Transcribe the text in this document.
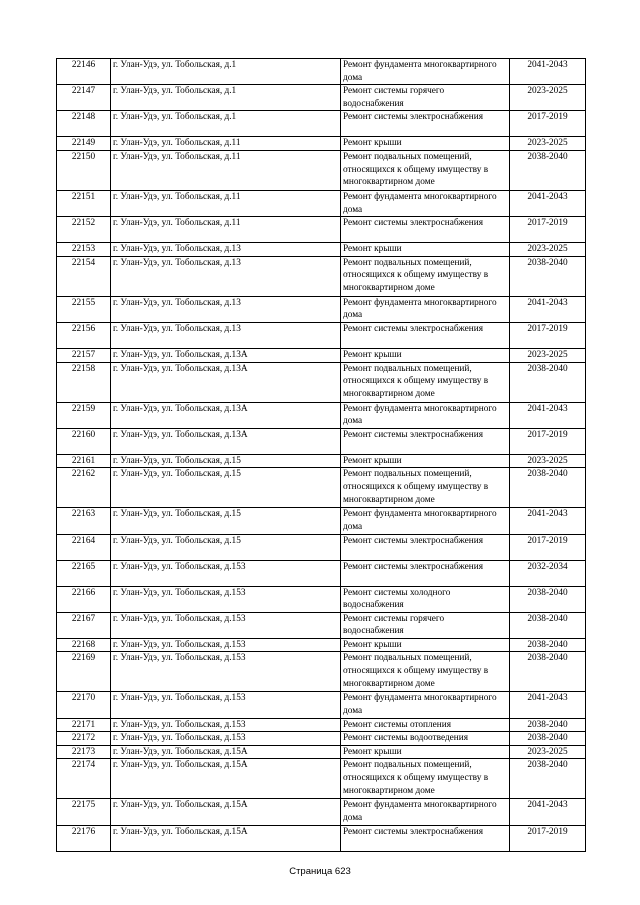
22146	г. Улан-Удэ, ул. Тобольская, д.1	Ремонт фундамента многоквартирного дома	2041-2043
22147	г. Улан-Удэ, ул. Тобольская, д.1	Ремонт системы горячего водоснабжения	2023-2025
22148	г. Улан-Удэ, ул. Тобольская, д.1	Ремонт системы электроснабжения	2017-2019
22149	г. Улан-Удэ, ул. Тобольская, д.11	Ремонт крыши	2023-2025
22150	г. Улан-Удэ, ул. Тобольская, д.11	Ремонт подвальных помещений, относящихся к общему имуществу в многоквартирном доме	2038-2040
22151	г. Улан-Удэ, ул. Тобольская, д.11	Ремонт фундамента многоквартирного дома	2041-2043
22152	г. Улан-Удэ, ул. Тобольская, д.11	Ремонт системы электроснабжения	2017-2019
22153	г. Улан-Удэ, ул. Тобольская, д.13	Ремонт крыши	2023-2025
22154	г. Улан-Удэ, ул. Тобольская, д.13	Ремонт подвальных помещений, относящихся к общему имуществу в многоквартирном доме	2038-2040
22155	г. Улан-Удэ, ул. Тобольская, д.13	Ремонт фундамента многоквартирного дома	2041-2043
22156	г. Улан-Удэ, ул. Тобольская, д.13	Ремонт системы электроснабжения	2017-2019
22157	г. Улан-Удэ, ул. Тобольская, д.13А	Ремонт крыши	2023-2025
22158	г. Улан-Удэ, ул. Тобольская, д.13А	Ремонт подвальных помещений, относящихся к общему имуществу в многоквартирном доме	2038-2040
22159	г. Улан-Удэ, ул. Тобольская, д.13А	Ремонт фундамента многоквартирного дома	2041-2043
22160	г. Улан-Удэ, ул. Тобольская, д.13А	Ремонт системы электроснабжения	2017-2019
22161	г. Улан-Удэ, ул. Тобольская, д.15	Ремонт крыши	2023-2025
22162	г. Улан-Удэ, ул. Тобольская, д.15	Ремонт подвальных помещений, относящихся к общему имуществу в многоквартирном доме	2038-2040
22163	г. Улан-Удэ, ул. Тобольская, д.15	Ремонт фундамента многоквартирного дома	2041-2043
22164	г. Улан-Удэ, ул. Тобольская, д.15	Ремонт системы электроснабжения	2017-2019
22165	г. Улан-Удэ, ул. Тобольская, д.153	Ремонт системы электроснабжения	2032-2034
22166	г. Улан-Удэ, ул. Тобольская, д.153	Ремонт системы холодного водоснабжения	2038-2040
22167	г. Улан-Удэ, ул. Тобольская, д.153	Ремонт системы горячего водоснабжения	2038-2040
22168	г. Улан-Удэ, ул. Тобольская, д.153	Ремонт крыши	2038-2040
22169	г. Улан-Удэ, ул. Тобольская, д.153	Ремонт подвальных помещений, относящихся к общему имуществу в многоквартирном доме	2038-2040
22170	г. Улан-Удэ, ул. Тобольская, д.153	Ремонт фундамента многоквартирного дома	2041-2043
22171	г. Улан-Удэ, ул. Тобольская, д.153	Ремонт системы отопления	2038-2040
22172	г. Улан-Удэ, ул. Тобольская, д.153	Ремонт системы водоотведения	2038-2040
22173	г. Улан-Удэ, ул. Тобольская, д.15А	Ремонт крыши	2023-2025
22174	г. Улан-Удэ, ул. Тобольская, д.15А	Ремонт подвальных помещений, относящихся к общему имуществу в многоквартирном доме	2038-2040
22175	г. Улан-Удэ, ул. Тобольская, д.15А	Ремонт фундамента многоквартирного дома	2041-2043
22176	г. Улан-Удэ, ул. Тобольская, д.15А	Ремонт системы электроснабжения	2017-2019
Страница 623
